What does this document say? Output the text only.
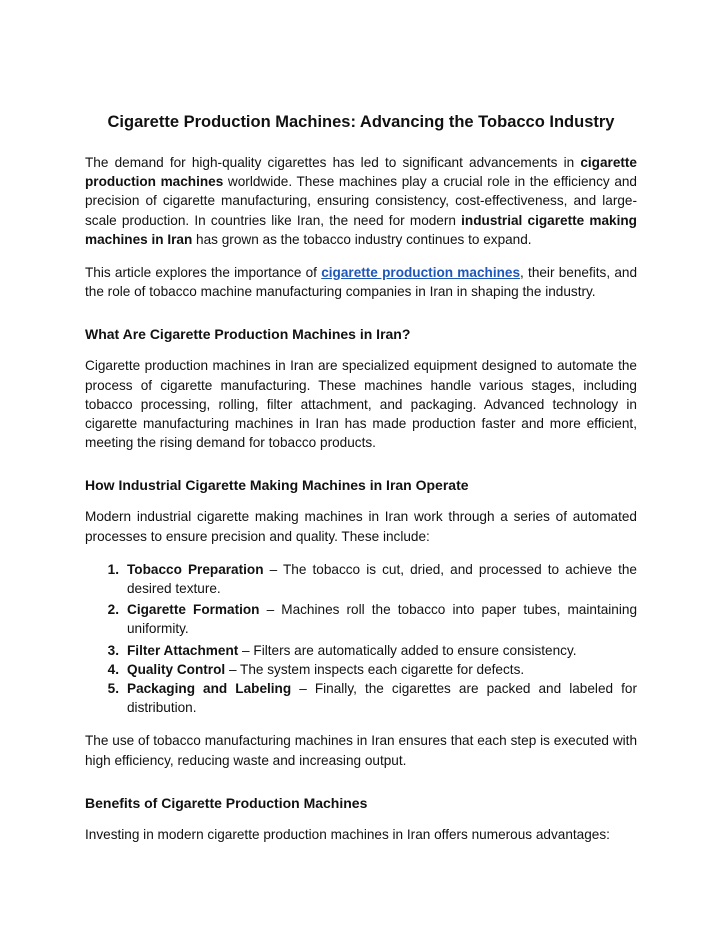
Cigarette Production Machines: Advancing the Tobacco Industry

The demand for high-quality cigarettes has led to significant advancements in cigarette production machines worldwide. These machines play a crucial role in the efficiency and precision of cigarette manufacturing, ensuring consistency, cost-effectiveness, and large-scale production. In countries like Iran, the need for modern industrial cigarette making machines in Iran has grown as the tobacco industry continues to expand.

This article explores the importance of cigarette production machines, their benefits, and the role of tobacco machine manufacturing companies in Iran in shaping the industry.

What Are Cigarette Production Machines in Iran?

Cigarette production machines in Iran are specialized equipment designed to automate the process of cigarette manufacturing. These machines handle various stages, including tobacco processing, rolling, filter attachment, and packaging. Advanced technology in cigarette manufacturing machines in Iran has made production faster and more efficient, meeting the rising demand for tobacco products.

How Industrial Cigarette Making Machines in Iran Operate

Modern industrial cigarette making machines in Iran work through a series of automated processes to ensure precision and quality. These include:

1. Tobacco Preparation – The tobacco is cut, dried, and processed to achieve the desired texture.
2. Cigarette Formation – Machines roll the tobacco into paper tubes, maintaining uniformity.
3. Filter Attachment – Filters are automatically added to ensure consistency.
4. Quality Control – The system inspects each cigarette for defects.
5. Packaging and Labeling – Finally, the cigarettes are packed and labeled for distribution.

The use of tobacco manufacturing machines in Iran ensures that each step is executed with high efficiency, reducing waste and increasing output.

Benefits of Cigarette Production Machines

Investing in modern cigarette production machines in Iran offers numerous advantages:
